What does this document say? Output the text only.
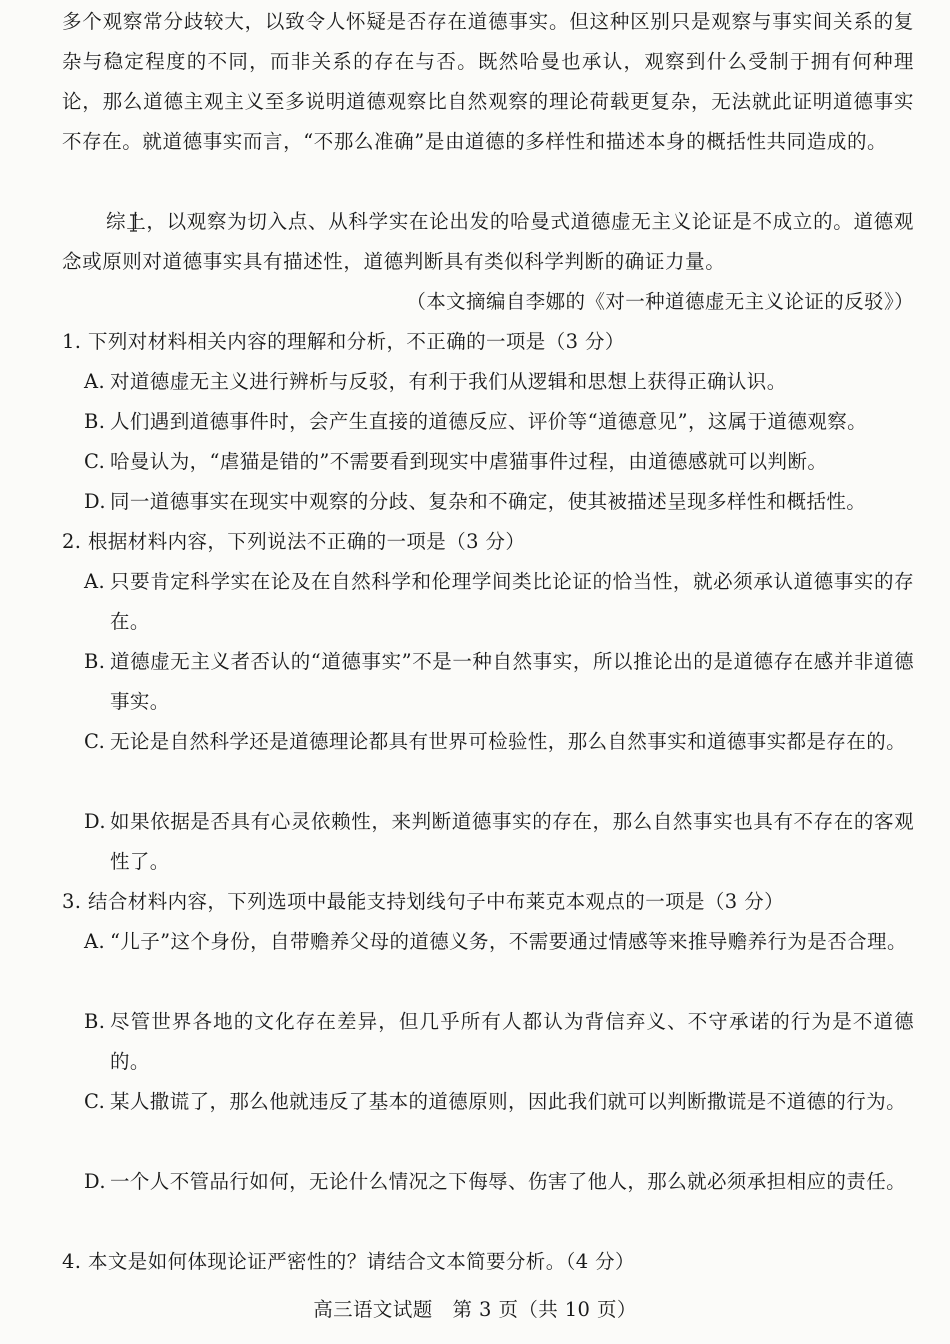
多个观察常分歧较大，以致令人怀疑是否存在道德事实。但这种区别只是观察与事实间关系的复杂与稳定程度的不同，而非关系的存在与否。既然哈曼也承认，观察到什么受制于拥有何种理论，那么道德主观主义至多说明道德观察比自然观察的理论荷载更复杂，无法就此证明道德事实不存在。就道德事实而言，“不那么准确”是由道德的多样性和描述本身的概括性共同造成的。
综上，以观察为切入点、从科学实在论出发的哈曼式道德虚无主义论证是不成立的。道德观念或原则对道德事实具有描述性，道德判断具有类似科学判断的确证力量。
（本文摘编自李娜的《对一种道德虚无主义论证的反驳》）
1. 下列对材料相关内容的理解和分析，不正确的一项是（3 分）
A. 对道德虚无主义进行辨析与反驳，有利于我们从逻辑和思想上获得正确认识。
B. 人们遇到道德事件时，会产生直接的道德反应、评价等“道德意见”，这属于道德观察。
C. 哈曼认为，“虐猫是错的”不需要看到现实中虐猫事件过程，由道德感就可以判断。
D. 同一道德事实在现实中观察的分歧、复杂和不确定，使其被描述呈现多样性和概括性。
2. 根据材料内容，下列说法不正确的一项是（3 分）
A. 只要肯定科学实在论及在自然科学和伦理学间类比论证的恰当性，就必须承认道德事实的存在。
B. 道德虚无主义者否认的“道德事实”不是一种自然事实，所以推论出的是道德存在感并非道德事实。
C. 无论是自然科学还是道德理论都具有世界可检验性，那么自然事实和道德事实都是存在的。
D. 如果依据是否具有心灵依赖性，来判断道德事实的存在，那么自然事实也具有不存在的客观性了。
3. 结合材料内容，下列选项中最能支持划线句子中布莱克本观点的一项是（3 分）
A. “儿子”这个身份，自带赡养父母的道德义务，不需要通过情感等来推导赡养行为是否合理。
B. 尽管世界各地的文化存在差异，但几乎所有人都认为背信弃义、不守承诺的行为是不道德的。
C. 某人撒谎了，那么他就违反了基本的道德原则，因此我们就可以判断撒谎是不道德的行为。
D. 一个人不管品行如何，无论什么情况之下侮辱、伤害了他人，那么就必须承担相应的责任。
4. 本文是如何体现论证严密性的？请结合文本简要分析。（4 分）
高三语文试题　第 3 页（共 10 页）
